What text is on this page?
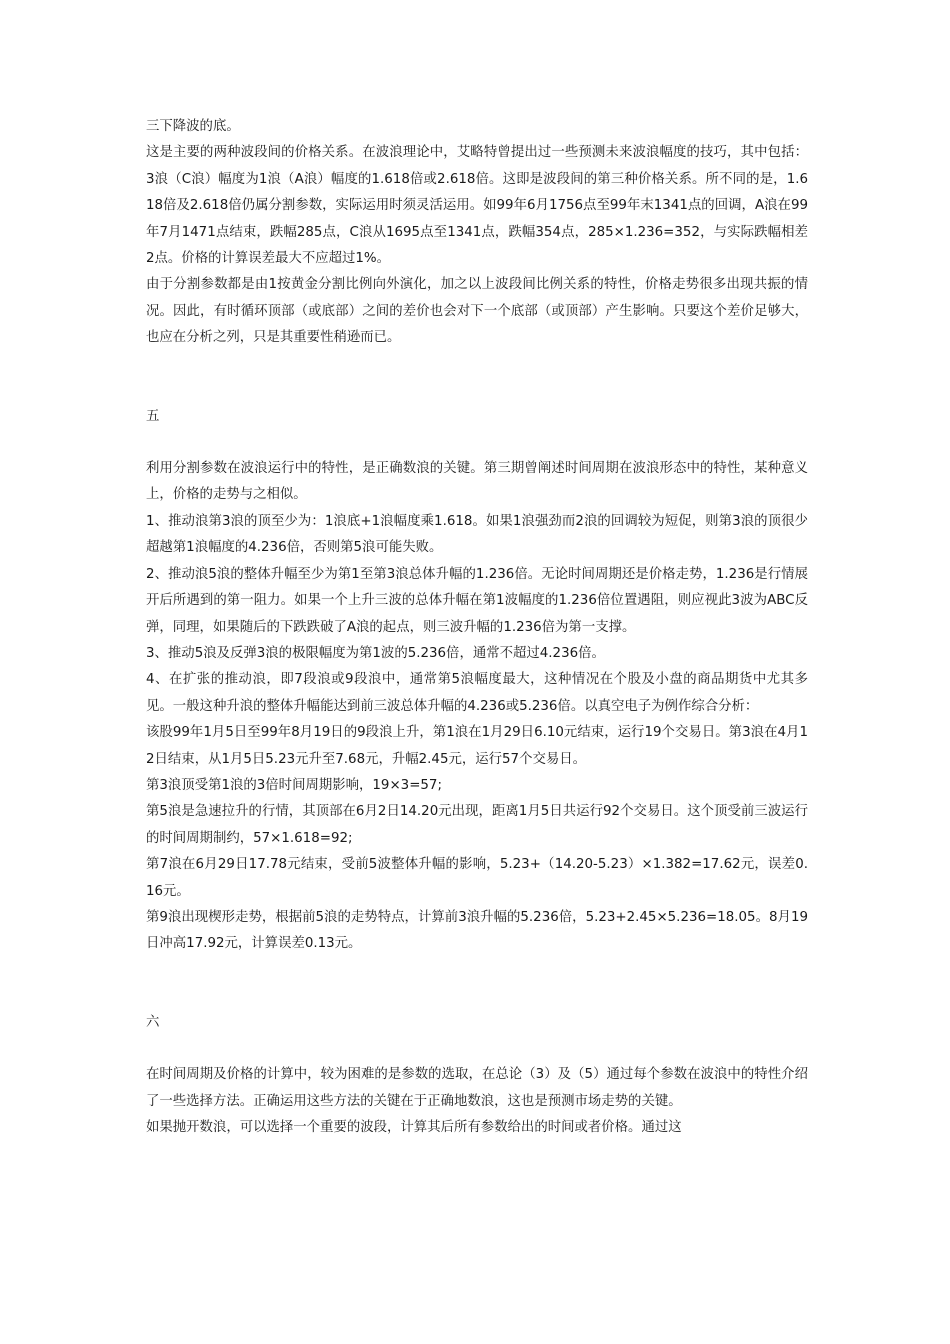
三下降波的底。

这是主要的两种波段间的价格关系。在波浪理论中，艾略特曾提出过一些预测未来波浪幅度的技巧，其中包括：3浪（C浪）幅度为1浪（A浪）幅度的1.618倍或2.618倍。这即是波段间的第三种价格关系。所不同的是，1.618倍及2.618倍仍属分割参数，实际运用时须灵活运用。如99年6月1756点至99年末1341点的回调，A浪在99年7月1471点结束，跌幅285点，C浪从1695点至1341点，跌幅354点，285×1.236=352，与实际跌幅相差2点。价格的计算误差最大不应超过1%。

由于分割参数都是由1按黄金分割比例向外演化，加之以上波段间比例关系的特性，价格走势很多出现共振的情况。因此，有时循环顶部（或底部）之间的差价也会对下一个底部（或顶部）产生影响。只要这个差价足够大，也应在分析之列，只是其重要性稍逊而已。

五

利用分割参数在波浪运行中的特性，是正确数浪的关键。第三期曾阐述时间周期在波浪形态中的特性，某种意义上，价格的走势与之相似。

1、推动浪第3浪的顶至少为：1浪底+1浪幅度乘1.618。如果1浪强劲而2浪的回调较为短促，则第3浪的顶很少超越第1浪幅度的4.236倍，否则第5浪可能失败。

2、推动浪5浪的整体升幅至少为第1至第3浪总体升幅的1.236倍。无论时间周期还是价格走势，1.236是行情展开后所遇到的第一阻力。如果一个上升三波的总体升幅在第1波幅度的1.236倍位置遇阻，则应视此3波为ABC反弹，同理，如果随后的下跌跌破了A浪的起点，则三波升幅的1.236倍为第一支撑。

3、推动5浪及反弹3浪的极限幅度为第1波的5.236倍，通常不超过4.236倍。

4、在扩张的推动浪，即7段浪或9段浪中，通常第5浪幅度最大，这种情况在个股及小盘的商品期货中尤其多见。一般这种升浪的整体升幅能达到前三波总体升幅的4.236或5.236倍。以真空电子为例作综合分析：

该股99年1月5日至99年8月19日的9段浪上升，第1浪在1月29日6.10元结束，运行19个交易日。第3浪在4月12日结束，从1月5日5.23元升至7.68元，升幅2.45元，运行57个交易日。

第3浪顶受第1浪的3倍时间周期影响，19×3=57;

第5浪是急速拉升的行情，其顶部在6月2日14.20元出现，距离1月5日共运行92个交易日。这个顶受前三波运行的时间周期制约，57×1.618=92;

第7浪在6月29日17.78元结束，受前5波整体升幅的影响，5.23+（14.20-5.23）×1.382=17.62元，误差0.16元。

第9浪出现楔形走势，根据前5浪的走势特点，计算前3浪升幅的5.236倍，5.23+2.45×5.236=18.05。8月19日冲高17.92元，计算误差0.13元。

六

在时间周期及价格的计算中，较为困难的是参数的选取，在总论（3）及（5）通过每个参数在波浪中的特性介绍了一些选择方法。正确运用这些方法的关键在于正确地数浪，这也是预测市场走势的关键。

如果抛开数浪，可以选择一个重要的波段，计算其后所有参数给出的时间或者价格。通过这
